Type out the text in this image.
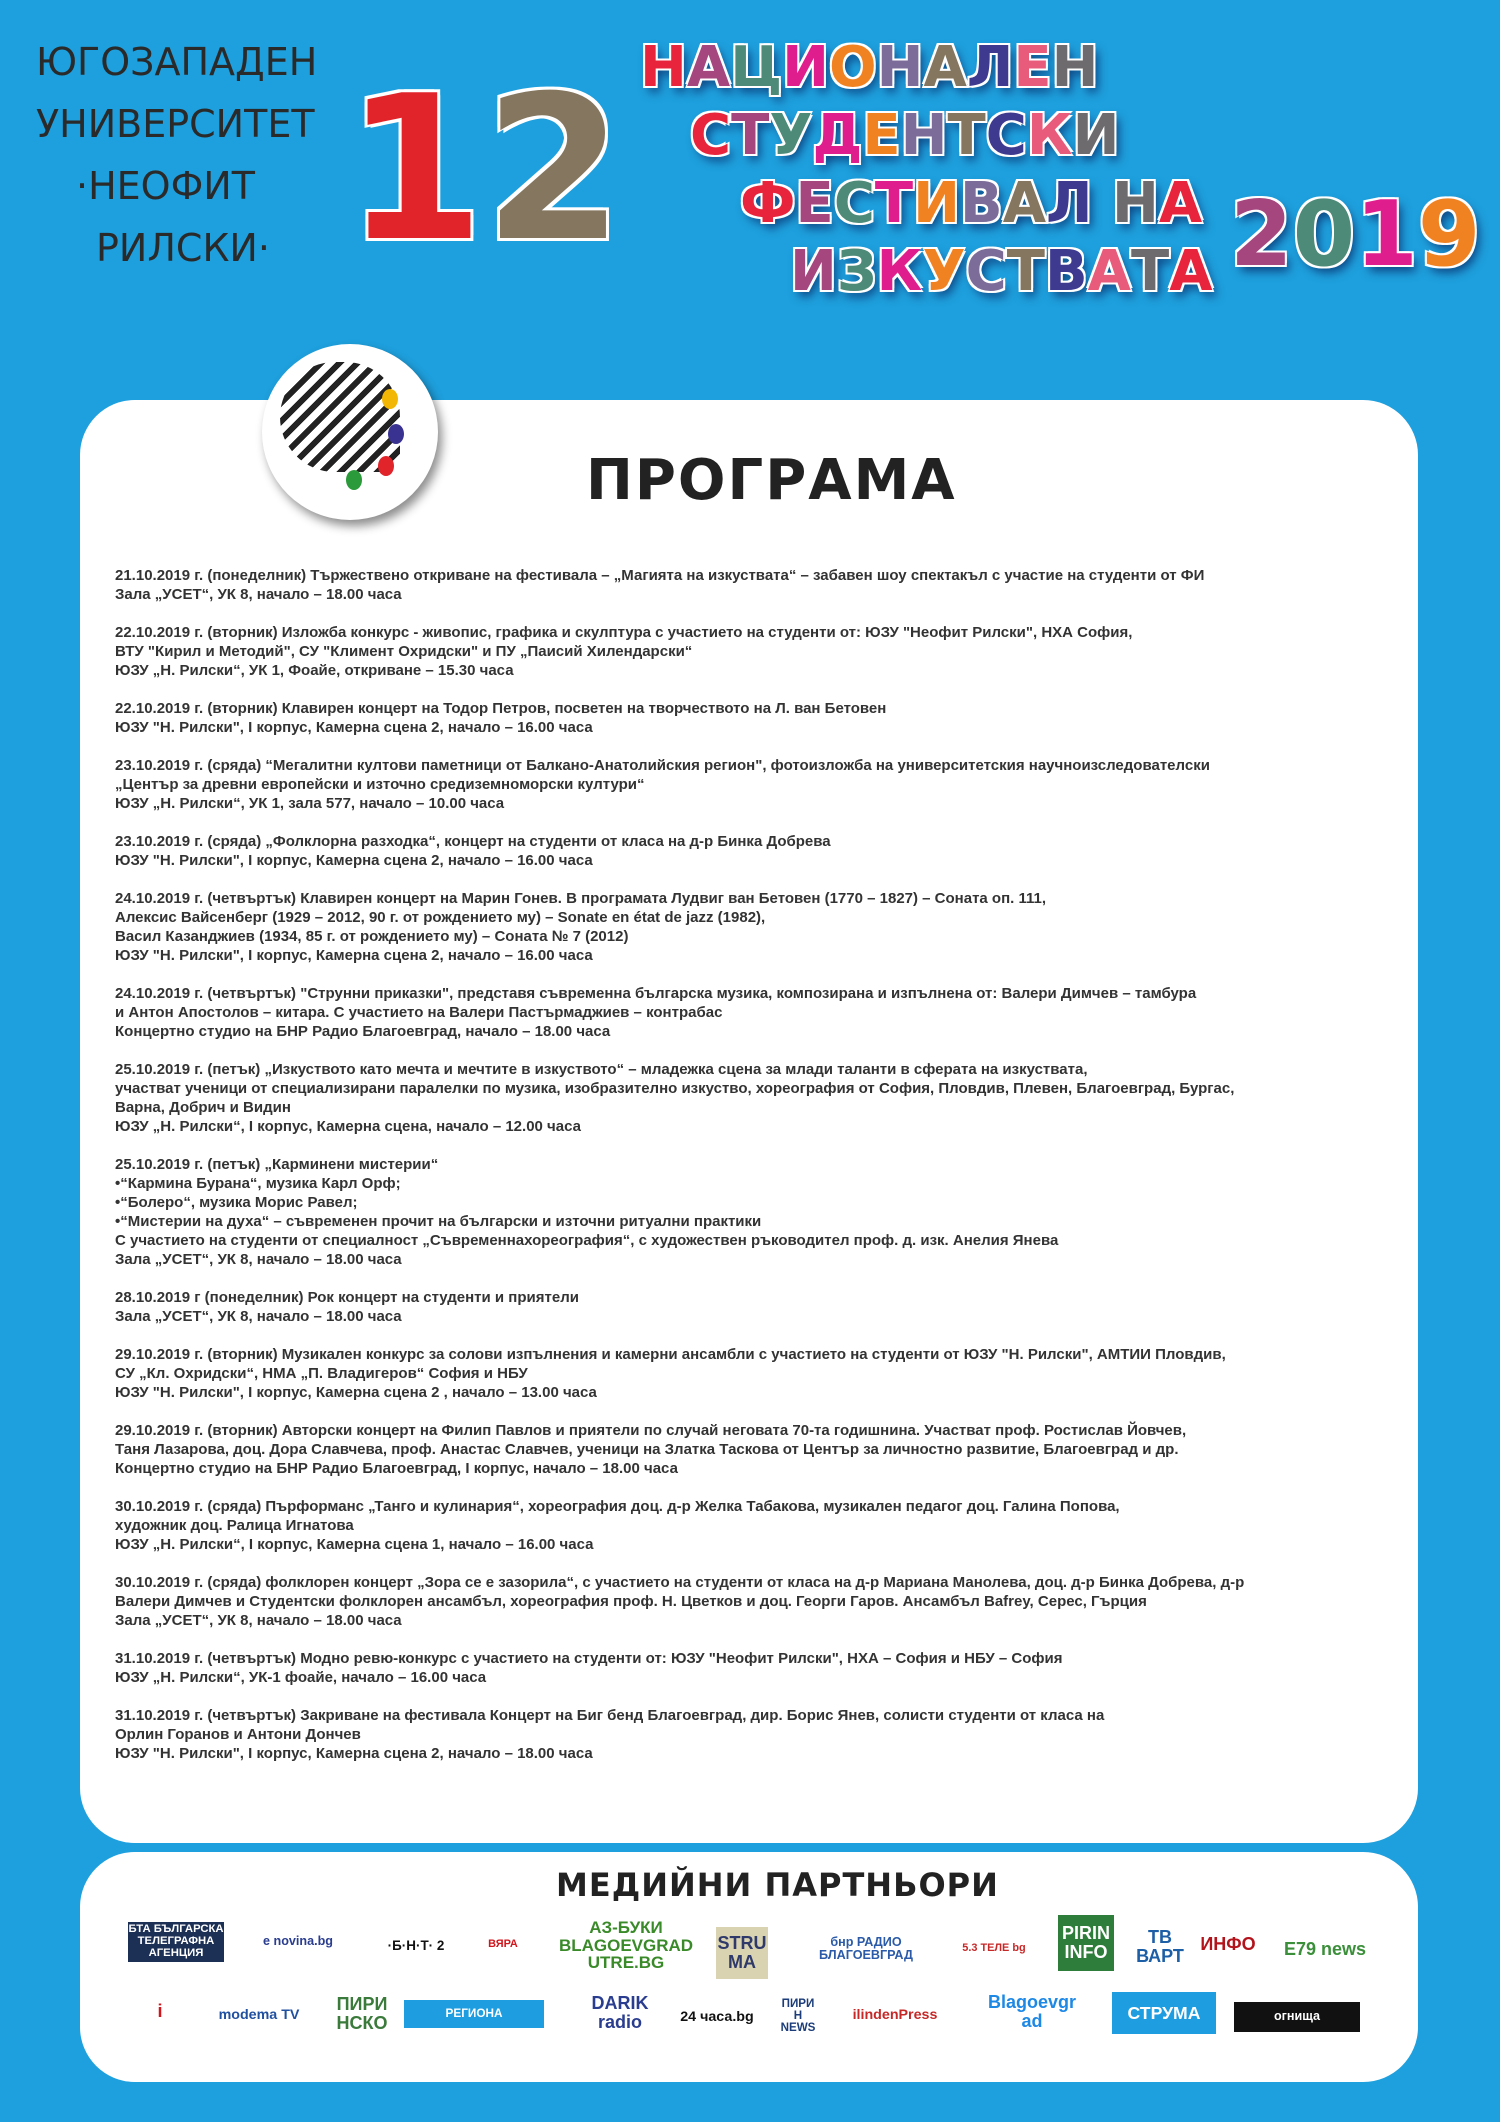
ЮГОЗАПАДЕН
УНИВЕРСИТЕТ
·НЕОФИТ
РИЛСКИ· 12 НАЦИОНАЛЕН
СТУДЕНТСКИ
ФЕСТИВАЛ НА
ИЗКУСТВАТА 2019
ПРОГРАМА
21.10.2019 г. (понеделник) Тържествено откриване на фестивала – „Магията на изкуствата“ – забавен шоу спектакъл с участие на студенти от ФИ
Зала „УСЕТ“, УК 8, начало – 18.00 часа
22.10.2019 г. (вторник) Изложба конкурс - живопис, графика и скулптура с участието на студенти от: ЮЗУ "Неофит Рилски", НХА София,
ВТУ "Кирил и Методий", СУ "Климент Охридски" и ПУ „Паисий Хилендарски“
ЮЗУ „Н. Рилски“, УК 1, Фоайе, откриване – 15.30 часа
22.10.2019 г. (вторник) Клавирен концерт на Тодор Петров, посветен на творчеството на Л. ван Бетовен
ЮЗУ "Н. Рилски", I корпус, Камерна сцена 2, начало – 16.00 часа
23.10.2019 г. (сряда) “Мегалитни култови паметници от Балкано-Анатолийския регион", фотоизложба на университетския научноизследователски
„Център за древни европейски и източно средиземноморски култури“
ЮЗУ „Н. Рилски“, УК 1, зала 577, начало – 10.00 часа
23.10.2019 г. (сряда) „Фолклорна разходка“, концерт на студенти от класа на д-р Бинка Добрева
ЮЗУ "Н. Рилски", I корпус, Камерна сцена 2, начало – 16.00 часа
24.10.2019 г. (четвъртък) Клавирен концерт на Марин Гонев. В програмата Лудвиг ван Бетовен (1770 – 1827) – Соната оп. 111,
Алексис Вайсенберг (1929 – 2012, 90 г. от рождението му) – Sonate en état de jazz (1982),
Васил Казанджиев (1934, 85 г. от рождението му) – Соната № 7 (2012)
ЮЗУ "Н. Рилски", I корпус, Камерна сцена 2, начало – 16.00 часа
24.10.2019 г. (четвъртък) "Струнни приказки", представя съвременна българска музика, композирана и изпълнена от: Валери Димчев – тамбура
и Антон Апостолов – китара. С участието на Валери Пастърмаджиев – контрабас
Концертно студио на БНР Радио Благоевград, начало – 18.00 часа
25.10.2019 г. (петък) „Изкуството като мечта и мечтите в изкуството“ – младежка сцена за млади таланти в сферата на изкуствата,
участват ученици от специализирани паралелки по музика, изобразително изкуство, хореография от София, Пловдив, Плевен, Благоевград, Бургас,
Варна, Добрич и Видин
ЮЗУ „Н. Рилски“, I корпус, Камерна сцена, начало – 12.00 часа
25.10.2019 г. (петък) „Карминени мистерии“
•“Кармина Бурана“, музика Карл Орф;
•“Болеро“, музика Морис Равел;
•“Мистерии на духа“ – съвременен прочит на български и източни ритуални практики
С участието на студенти от специалност „Съвременнахореография“, с художествен ръководител проф. д. изк. Анелия Янева
Зала „УСЕТ“, УК 8, начало – 18.00 часа
28.10.2019 г (понеделник) Рок концерт на студенти и приятели
Зала „УСЕТ“, УК 8, начало – 18.00 часа
29.10.2019 г. (вторник) Музикален конкурс за солови изпълнения и камерни ансамбли с участието на студенти от ЮЗУ "Н. Рилски", АМТИИ Пловдив,
СУ „Кл. Охридски“, НМА „П. Владигеров“ София и НБУ
ЮЗУ "Н. Рилски", I корпус, Камерна сцена 2 , начало – 13.00 часа
29.10.2019 г. (вторник) Авторски концерт на Филип Павлов и приятели по случай неговата 70-та годишнина. Участват проф. Ростислав Йовчев,
Таня Лазарова, доц. Дора Славчева, проф. Анастас Славчев, ученици на Златка Таскова от Център за личностно развитие, Благоевград и др.
Концертно студио на БНР Радио Благоевград, I корпус, начало – 18.00 часа
30.10.2019 г. (сряда) Пърформанс „Танго и кулинария“, хореография доц. д-р Желка Табакова, музикален педагог доц. Галина Попова,
художник доц. Ралица Игнатова
ЮЗУ „Н. Рилски“, I корпус, Камерна сцена 1, начало – 16.00 часа
30.10.2019 г. (сряда) фолклорен концерт „Зора се е зазорила“, с участието на студенти от класа на д-р Мариана Манолева, доц. д-р Бинка Добрева, д-р
Валери Димчев и Студентски фолклорен ансамбъл, хореография проф. Н. Цветков и доц. Георги Гаров. Ансамбъл Bafrey, Серес, Гърция
Зала „УСЕТ“, УК 8, начало – 18.00 часа
31.10.2019 г. (четвъртък) Модно ревю-конкурс с участието на студенти от: ЮЗУ "Неофит Рилски", НХА – София и НБУ – София
ЮЗУ „Н. Рилски“, УК-1 фоайе, начало – 16.00 часа
31.10.2019 г. (четвъртък) Закриване на фестивала Концерт на Биг бенд Благоевград, дир. Борис Янев, солисти студенти от класа на
Орлин Горанов и Антони Дончев
ЮЗУ "Н. Рилски", I корпус, Камерна сцена 2, начало – 18.00 часа
МЕДИЙНИ ПАРТНЬОРИ
БТА БЪЛГАРСКА ТЕЛЕГРАФНА АГЕНЦИЯ
e novina.bg	·Б·Н·Т· 2	ВЯРА
АЗ-БУКИ BLAGOEVGRADUTRE.BG
STRUMA
бнр РАДИО БЛАГОЕВГРАД	5.3 ТЕЛЕ bg
PIRIN INFO
ТВ ВАРТ
ИНФО E79 news
i	modema TV
ПИРИНСКО	РЕГИОНА
DARIK radio	24 часа.bg
ПИРИН NEWS
ilindenPress
Blagoevgrad	СТРУМА	огнища
